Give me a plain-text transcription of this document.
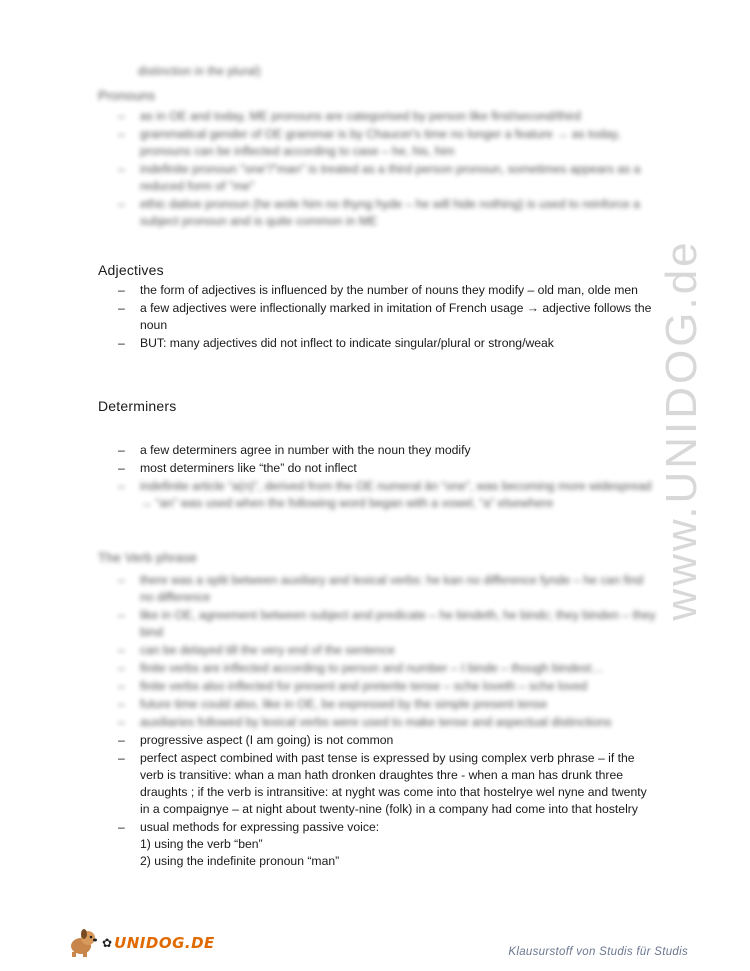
www.UNIDOG.de
distinction in the plural)
Pronouns
– as in OE and today, ME pronouns are categorised by person like first/second/third
– grammatical gender of OE grammar is by Chaucer's time no longer a feature → as today, pronouns can be inflected according to case – he, his, him
– indefinite pronoun "one"/"man" is treated as a third person pronoun, sometimes appears as a reduced form of "me"
– ethic dative pronoun (he wole him no thyng hyde – he will hide nothing) is used to reinforce a subject pronoun and is quite common in ME
Adjectives
– the form of adjectives is influenced by the number of nouns they modify – old man, olde men
– a few adjectives were inflectionally marked in imitation of French usage → adjective follows the noun
– BUT: many adjectives did not inflect to indicate singular/plural or strong/weak
Determiners
– a few determiners agree in number with the noun they modify
– most determiners like “the” do not inflect
– indefinite article “a(n)”, derived from the OE numeral ān “one”, was becoming more widespread → “an” was used when the following word began with a vowel, “a” elsewhere
The Verb phrase
– there was a split between auxiliary and lexical verbs: he kan no difference fynde – he can find no difference
– like in OE, agreement between subject and predicate – he bindeth, he bindс; they binden – they bind
– can be delayed till the very end of the sentence
– finite verbs are inflected according to person and number – I binde – though bindest…
– finite verbs also inflected for present and preterite tense – sche loveth – sche loved
– future time could also, like in OE, be expressed by the simple present tense
– auxiliaries followed by lexical verbs were used to make tense and aspectual distinctions
– progressive aspect (I am going) is not common
– perfect aspect combined with past tense is expressed by using complex verb phrase – if the verb is transitive: whan a man hath dronken draughtes thre - when a man has drunk three draughts ; if the verb is intransitive: at nyght was come into that hostelrye wel nyne and twenty in a compaignye – at night about twenty-nine (folk) in a company had come into that hostelry
– usual methods for expressing passive voice:
1) using the verb “ben”
2) using the indefinite pronoun “man”
✿ UNIDOG.DE	Klausurstoff von Studis für Studis
